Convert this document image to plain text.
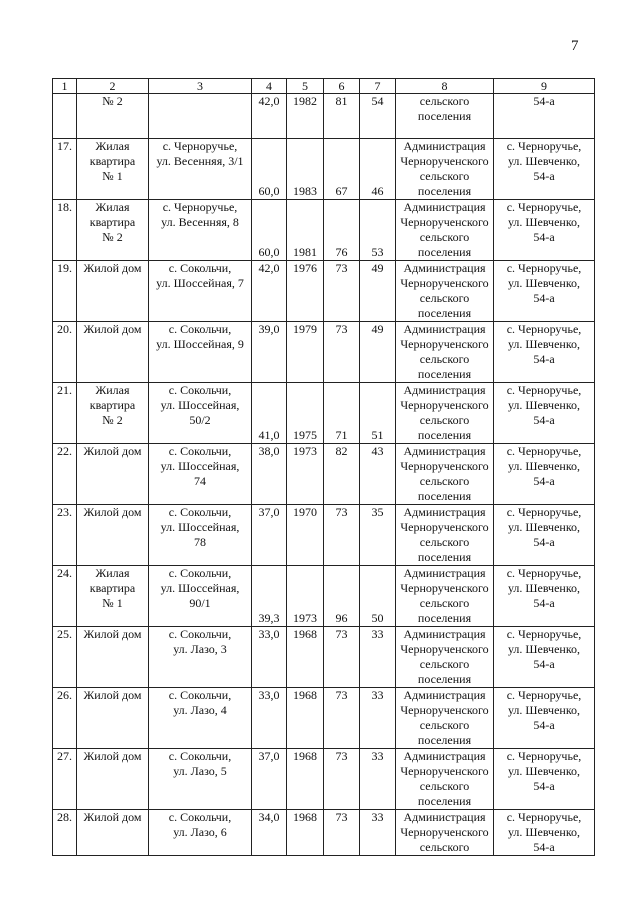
7
1	2	3	4	5	6	7	8	9
	№ 2		42,0	1982	81	54	сельского
поселения	54-а
17.	Жилая
квартира
№ 1	с. Черноручье,
ул. Весенняя, 3/1	60,0	1983	67	46	Администрация
Чернорученского
сельского
поселения	с. Черноручье,
ул. Шевченко,
54-а
18.	Жилая
квартира
№ 2	с. Черноручье,
ул. Весенняя, 8	60,0	1981	76	53	Администрация
Чернорученского
сельского
поселения	с. Черноручье,
ул. Шевченко,
54-а
19.	Жилой дом	с. Сокольчи,
ул. Шоссейная, 7	42,0	1976	73	49	Администрация
Чернорученского
сельского
поселения	с. Черноручье,
ул. Шевченко,
54-а
20.	Жилой дом	с. Сокольчи,
ул. Шоссейная, 9	39,0	1979	73	49	Администрация
Чернорученского
сельского
поселения	с. Черноручье,
ул. Шевченко,
54-а
21.	Жилая
квартира
№ 2	с. Сокольчи,
ул. Шоссейная,
50/2	41,0	1975	71	51	Администрация
Чернорученского
сельского
поселения	с. Черноручье,
ул. Шевченко,
54-а
22.	Жилой дом	с. Сокольчи,
ул. Шоссейная,
74	38,0	1973	82	43	Администрация
Чернорученского
сельского
поселения	с. Черноручье,
ул. Шевченко,
54-а
23.	Жилой дом	с. Сокольчи,
ул. Шоссейная,
78	37,0	1970	73	35	Администрация
Чернорученского
сельского
поселения	с. Черноручье,
ул. Шевченко,
54-а
24.	Жилая
квартира
№ 1	с. Сокольчи,
ул. Шоссейная,
90/1	39,3	1973	96	50	Администрация
Чернорученского
сельского
поселения	с. Черноручье,
ул. Шевченко,
54-а
25.	Жилой дом	с. Сокольчи,
ул. Лазо, 3	33,0	1968	73	33	Администрация
Чернорученского
сельского
поселения	с. Черноручье,
ул. Шевченко,
54-а
26.	Жилой дом	с. Сокольчи,
ул. Лазо, 4	33,0	1968	73	33	Администрация
Чернорученского
сельского
поселения	с. Черноручье,
ул. Шевченко,
54-а
27.	Жилой дом	с. Сокольчи,
ул. Лазо, 5	37,0	1968	73	33	Администрация
Чернорученского
сельского
поселения	с. Черноручье,
ул. Шевченко,
54-а
28.	Жилой дом	с. Сокольчи,
ул. Лазо, 6	34,0	1968	73	33	Администрация
Чернорученского
сельского	с. Черноручье,
ул. Шевченко,
54-а
